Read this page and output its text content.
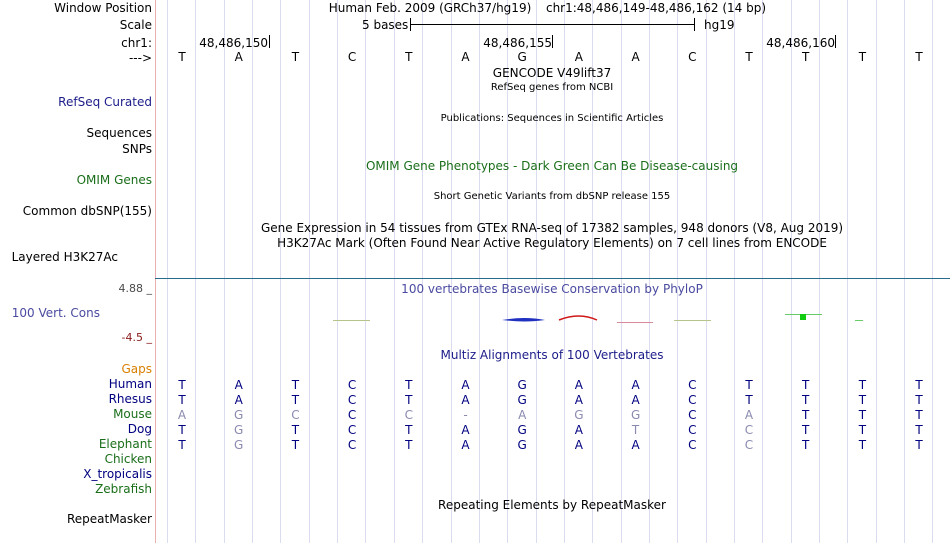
Window Position	Human Feb. 2009 (GRCh37/hg19) chr1:48,486,149-48,486,162 (14 bp)
Scale	5 bases	hg19
chr1:	48,486,150	48,486,155	48,486,160
---> T	A	T	C	T	A	G	A	A	C	T	T	T	T
GENCODE V49lift37
RefSeq genes from NCBI
RefSeq Curated
Publications: Sequences in Scientific Articles
Sequences
SNPs
OMIM Gene Phenotypes - Dark Green Can Be Disease-causing
OMIM Genes
Short Genetic Variants from dbSNP release 155
Common dbSNP(155)
Gene Expression in 54 tissues from GTEx RNA-seq of 17382 samples, 948 donors (V8, Aug 2019)
H3K27Ac Mark (Often Found Near Active Regulatory Elements) on 7 cell lines from ENCODE
Layered H3K27Ac
4.88 _	100 vertebrates Basewise Conservation by PhyloP
100 Vert. Cons
-4.5 _
Multiz Alignments of 100 Vertebrates
Gaps
Human T	A	T	C	T	A	G	A	A	C	T	T	T	T
Rhesus T	A	T	C	T	A	G	A	A	C	T	T	T	T
Mouse A	G	C	C	C	-	A	G	G	C	A	T	T	T
Dog T	G	T	C	T	A	G	A	T	C	C	T	T	T
Elephant T	G	T	C	T	A	G	A	A	C	C	T	T	T
Chicken
X_tropicalis
Zebrafish
Repeating Elements by RepeatMasker
RepeatMasker
